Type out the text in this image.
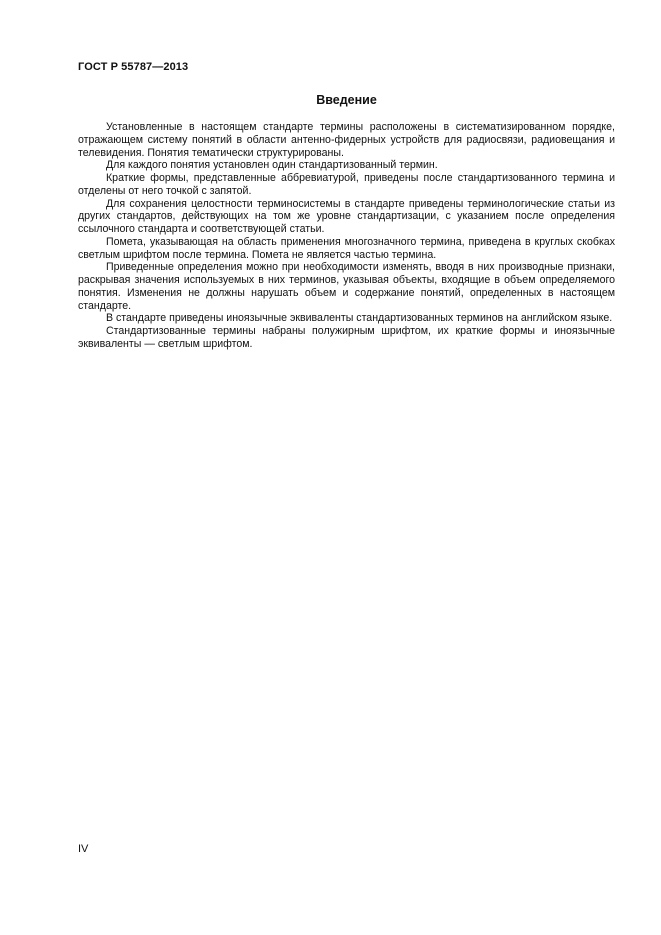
ГОСТ Р 55787—2013
Введение

Установленные в настоящем стандарте термины расположены в систематизированном порядке, отражающем систему понятий в области антенно-фидерных устройств для радиосвязи, радиовещания и телевидения. Понятия тематически структурированы.

Для каждого понятия установлен один стандартизованный термин.

Краткие формы, представленные аббревиатурой, приведены после стандартизованного термина и отделены от него точкой с запятой.

Для сохранения целостности терминосистемы в стандарте приведены терминологические статьи из других стандартов, действующих на том же уровне стандартизации, с указанием после определения ссылочного стандарта и соответствующей статьи.

Помета, указывающая на область применения многозначного термина, приведена в круглых скобках светлым шрифтом после термина. Помета не является частью термина.

Приведенные определения можно при необходимости изменять, вводя в них производные признаки, раскрывая значения используемых в них терминов, указывая объекты, входящие в объем определяемого понятия. Изменения не должны нарушать объем и содержание понятий, определенных в настоящем стандарте.

В стандарте приведены иноязычные эквиваленты стандартизованных терминов на английском языке.

Стандартизованные термины набраны полужирным шрифтом, их краткие формы и иноязычные эквиваленты — светлым шрифтом.

IV
